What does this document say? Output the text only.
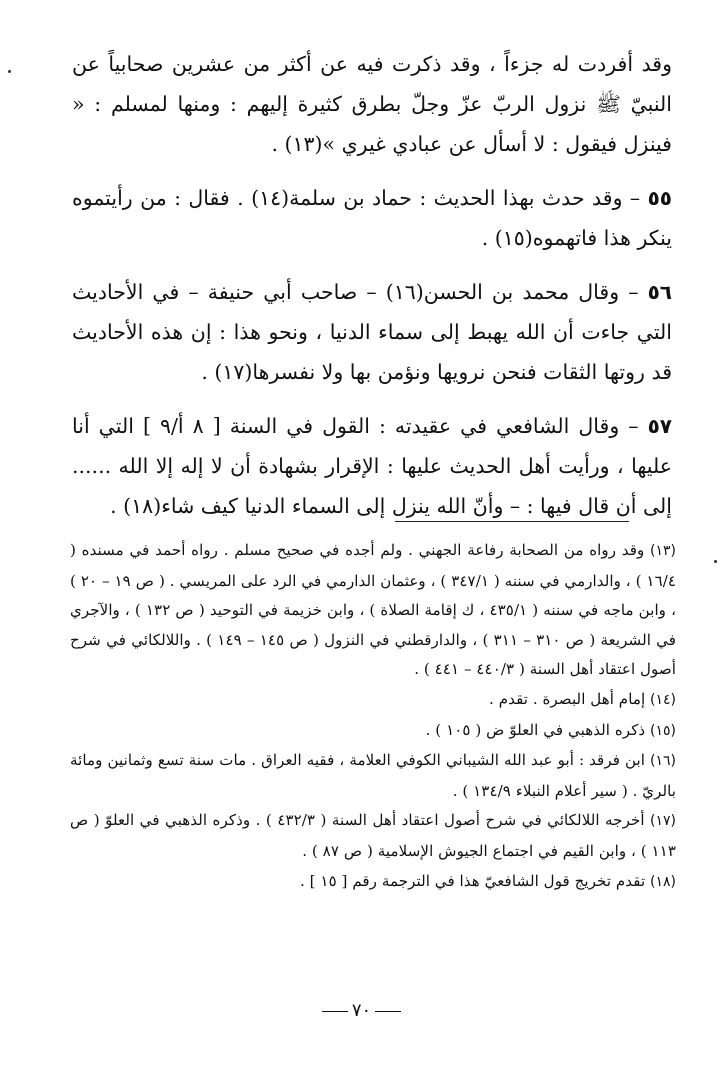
وقد أفردت له جزءاً ، وقد ذكرت فيه عن أكثر من عشرين صحابياً عن النبيّ ﷺ نزول الربّ عزّ وجلّ بطرق كثيرة إليهم : ومنها لمسلم : « فينزل فيقول : لا أسأل عن عبادي غيري »(١٣) .

٥٥ – وقد حدث بهذا الحديث : حماد بن سلمة(١٤) . فقال : من رأيتموه ينكر هذا فاتهموه(١٥) .

٥٦ – وقال محمد بن الحسن(١٦) – صاحب أبي حنيفة – في الأحاديث التي جاءت أن الله يهبط إلى سماء الدنيا ، ونحو هذا : إن هذه الأحاديث قد روتها الثقات فنحن نرويها ونؤمن بها ولا نفسرها(١٧) .

٥٧ – وقال الشافعي في عقيدته : القول في السنة [ ٨ أ/٩ ] التي أنا عليها ، ورأيت أهل الحديث عليها : الإقرار بشهادة أن لا إله إلا الله ...... إلى أن قال فيها : – وأنّ الله ينزل إلى السماء الدنيا كيف شاء(١٨) .

(١٣) وقد رواه من الصحابة رفاعة الجهني . ولم أجده في صحيح مسلم . رواه أحمد في مسنده ( ١٦/٤ ) ، والدارمي في سننه ( ٣٤٧/١ ) ، وعثمان الدارمي في الرد على المريسي . ( ص ١٩ – ٢٠ ) ، وابن ماجه في سننه ( ٤٣٥/١ ، ك إقامة الصلاة ) ، وابن خزيمة في التوحيد ( ص ١٣٢ ) ، والآجري في الشريعة ( ص ٣١٠ – ٣١١ ) ، والدارقطني في النزول ( ص ١٤٥ – ١٤٩ ) . واللالكائي في شرح أصول اعتقاد أهل السنة ( ٤٤٠/٣ – ٤٤١ ) .

(١٤) إمام أهل البصرة . تقدم .

(١٥) ذكره الذهبي في العلوّ ض ( ١٠٥ ) .

(١٦) ابن فرقد : أبو عبد الله الشيباني الكوفي العلامة ، فقيه العراق . مات سنة تسع وثمانين ومائة بالريّ . ( سير أعلام النبلاء ١٣٤/٩ ) .

(١٧) أخرجه اللالكائي في شرح أصول اعتقاد أهل السنة ( ٤٣٢/٣ ) . وذكره الذهبي في العلوّ ( ص ١١٣ ) ، وابن القيم في اجتماع الجيوش الإسلامية ( ص ٨٧ ) .

(١٨) تقدم تخريج قول الشافعيّ هذا في الترجمة رقم [ ١٥ ] .

٧٠
